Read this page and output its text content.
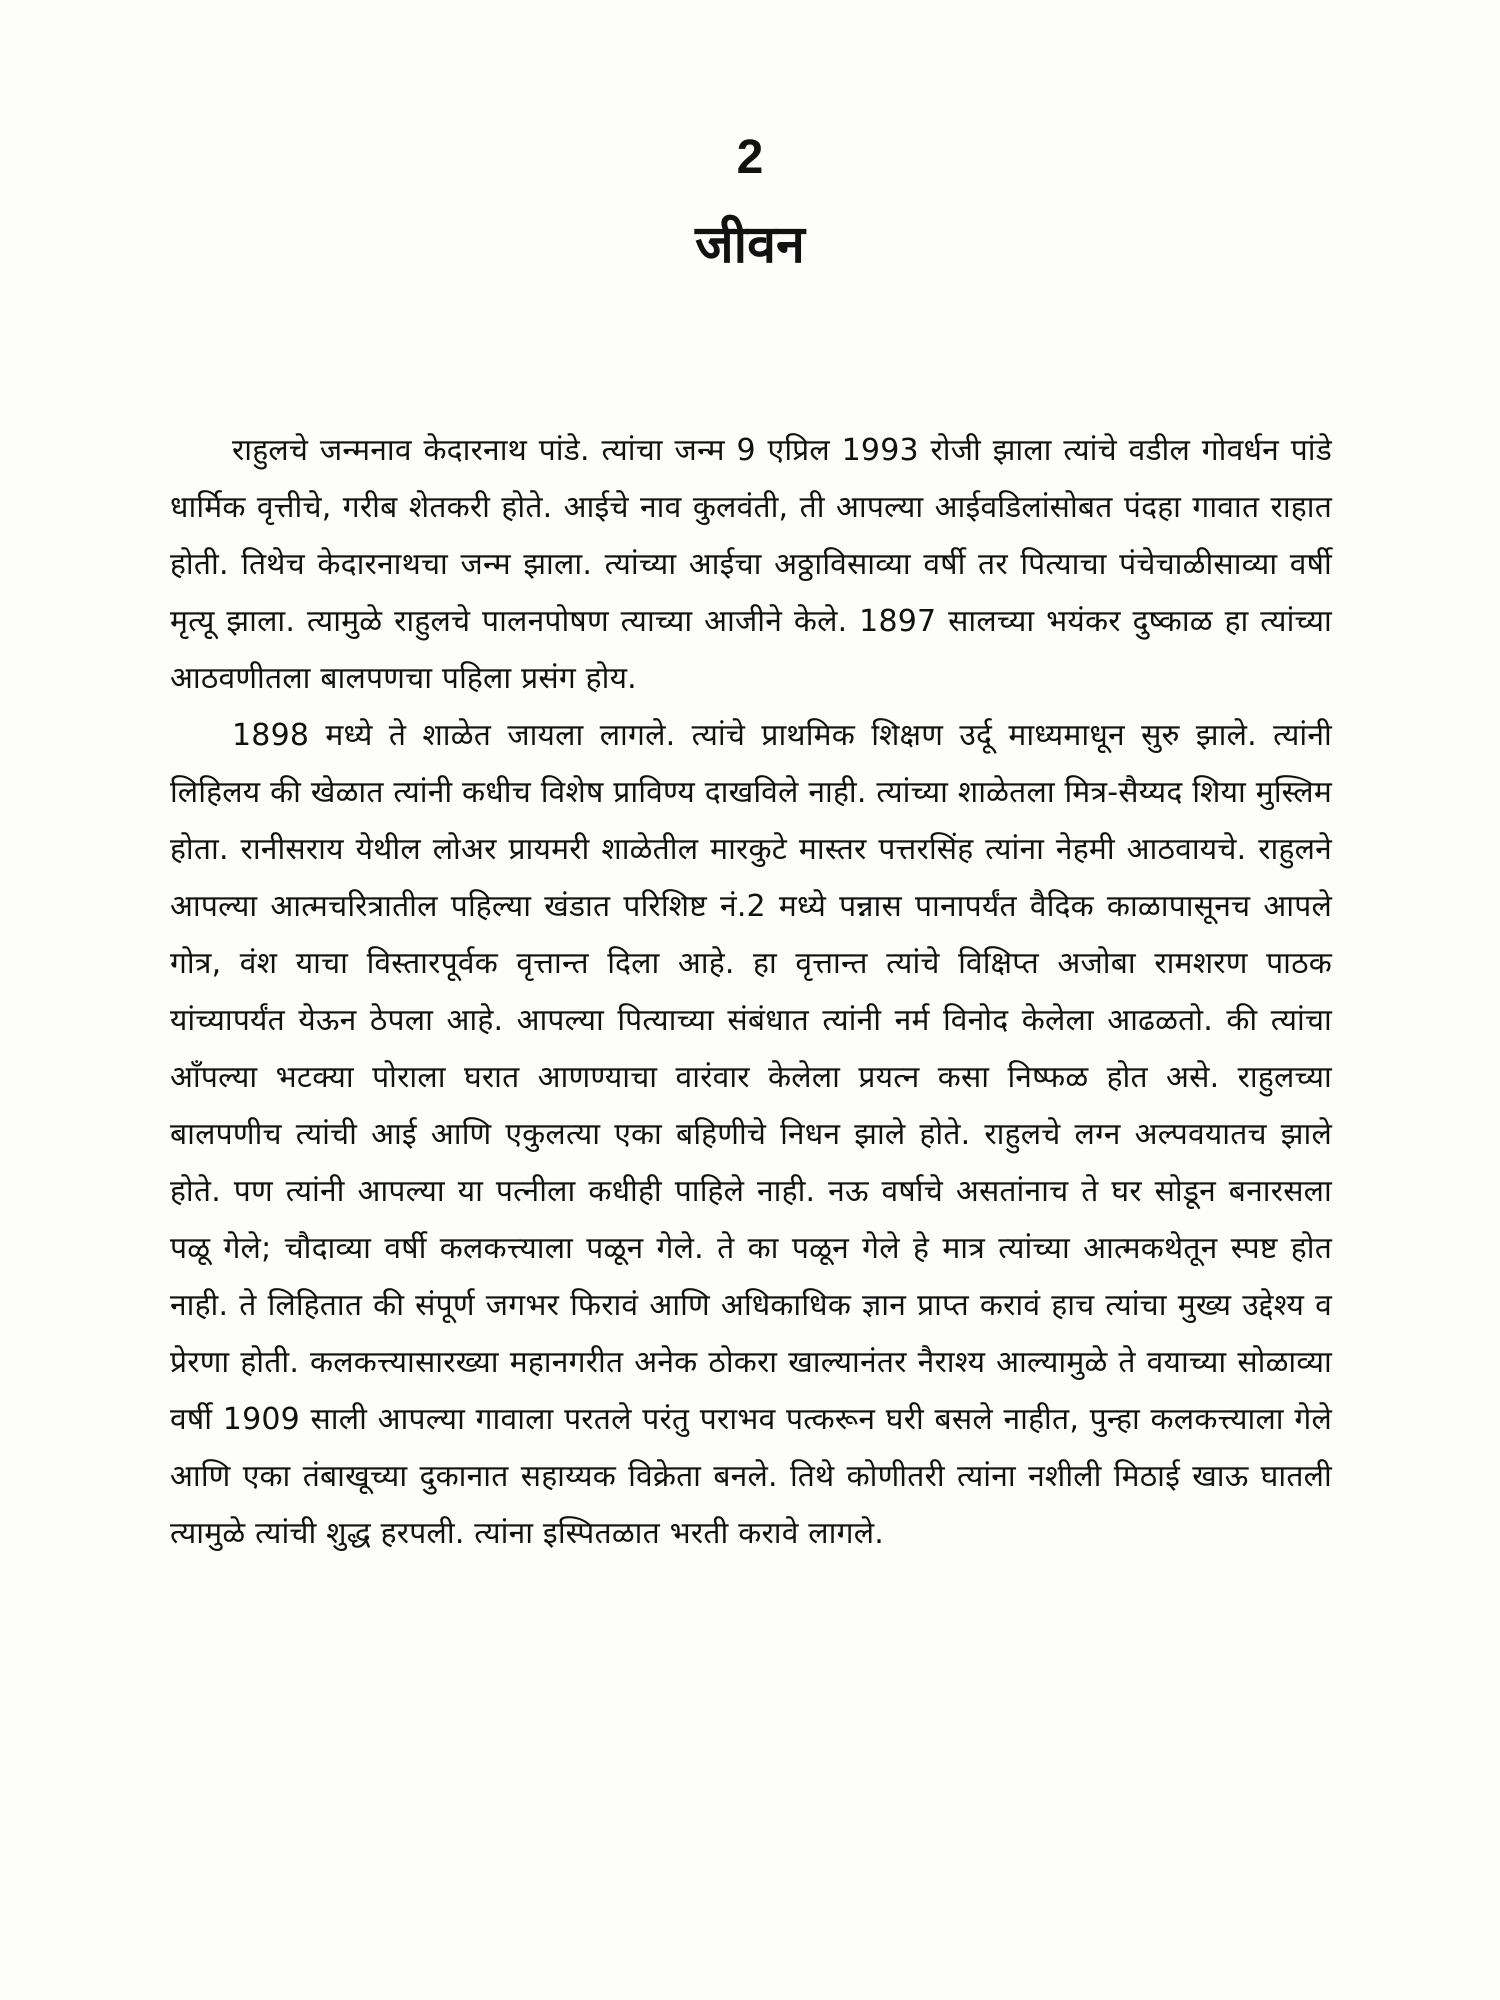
2
जीवन

राहुलचे जन्मनाव केदारनाथ पांडे. त्यांचा जन्म 9 एप्रिल 1993 रोजी झाला त्यांचे वडील गोवर्धन पांडे धार्मिक वृत्तीचे, गरीब शेतकरी होते. आईचे नाव कुलवंती, ती आपल्या आईवडिलांसोबत पंदहा गावात राहात होती. तिथेच केदारनाथचा जन्म झाला. त्यांच्या आईचा अठ्ठाविसाव्या वर्षी तर पित्याचा पंचेचाळीसाव्या वर्षी मृत्यू झाला. त्यामुळे राहुलचे पालनपोषण त्याच्या आजीने केले. 1897 सालच्या भयंकर दुष्काळ हा त्यांच्या आठवणीतला बालपणचा पहिला प्रसंग होय.

1898 मध्ये ते शाळेत जायला लागले. त्यांचे प्राथमिक शिक्षण उर्दू माध्यमाधून सुरु झाले. त्यांनी लिहिलय की खेळात त्यांनी कधीच विशेष प्राविण्य दाखविले नाही. त्यांच्या शाळेतला मित्र-सैय्यद शिया मुस्लिम होता. रानीसराय येथील लोअर प्रायमरी शाळेतील मारकुटे मास्तर पत्तरसिंह त्यांना नेहमी आठवायचे. राहुलने आपल्या आत्मचरित्रातील पहिल्या खंडात परिशिष्ट नं.2 मध्ये पन्नास पानापर्यंत वैदिक काळापासूनच आपले गोत्र, वंश याचा विस्तारपूर्वक वृत्तान्त दिला आहे. हा वृत्तान्त त्यांचे विक्षिप्त अजोबा रामशरण पाठक यांच्यापर्यंत येऊन ठेपला आहे. आपल्या पित्याच्या संबंधात त्यांनी नर्म विनोद केलेला आढळतो. की त्यांचा आँपल्या भटक्या पोराला घरात आणण्याचा वारंवार केलेला प्रयत्न कसा निष्फळ होत असे. राहुलच्या बालपणीच त्यांची आई आणि एकुलत्या एका बहिणीचे निधन झाले होते. राहुलचे लग्न अल्पवयातच झाले होते. पण त्यांनी आपल्या या पत्नीला कधीही पाहिले नाही. नऊ वर्षाचे असतांनाच ते घर सोडून बनारसला पळू गेले; चौदाव्या वर्षी कलकत्त्याला पळून गेले. ते का पळून गेले हे मात्र त्यांच्या आत्मकथेतून स्पष्ट होत नाही. ते लिहितात की संपूर्ण जगभर फिरावं आणि अधिकाधिक ज्ञान प्राप्त करावं हाच त्यांचा मुख्य उद्देश्य व प्रेरणा होती. कलकत्त्यासारख्या महानगरीत अनेक ठोकरा खाल्यानंतर नैराश्य आल्यामुळे ते वयाच्या सोळाव्या वर्षी 1909 साली आपल्या गावाला परतले परंतु पराभव पत्करून घरी बसले नाहीत, पुन्हा कलकत्त्याला गेले आणि एका तंबाखूच्या दुकानात सहाय्यक विक्रेता बनले. तिथे कोणीतरी त्यांना नशीली मिठाई खाऊ घातली त्यामुळे त्यांची शुद्ध हरपली. त्यांना इस्पितळात भरती करावे लागले.
